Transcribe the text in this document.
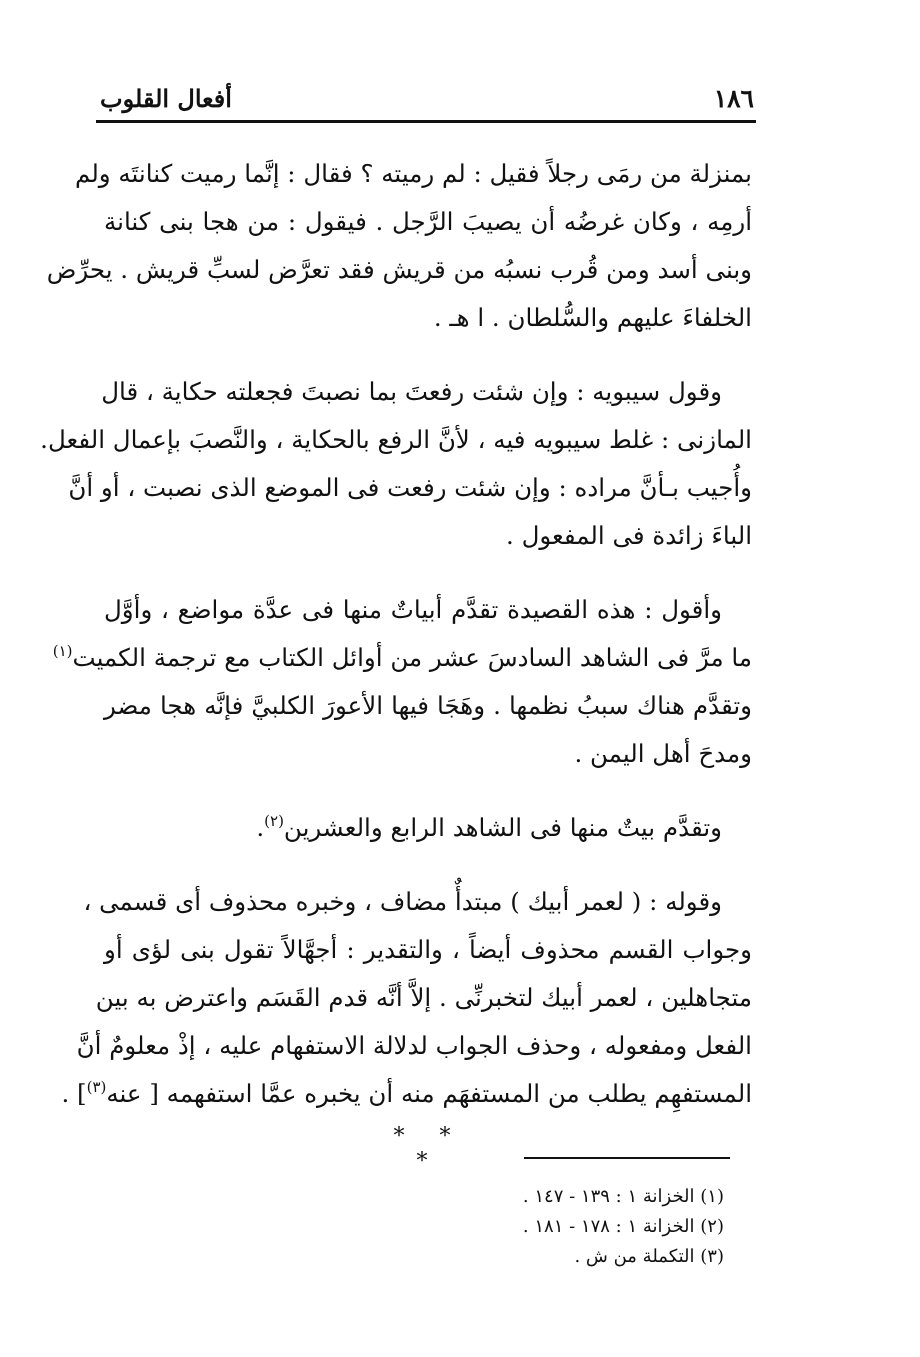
١٨٦
أفعال القلوب
بمنزلة من رمَى رجلاً فقيل : لم رميته ؟ فقال : إنَّما رميت كنانتَه ولم
أرمِه ، وكان غرضُه أن يصيبَ الرَّجل . فيقول : من هجا بنى كنانة
وبنى أسد ومن قُرب نسبُه من قريش فقد تعرَّض لسبِّ قريش . يحرِّض
الخلفاءَ عليهم والسُّلطان . ا هـ .
وقول سيبويه : وإن شئت رفعتَ بما نصبتَ فجعلته حكاية ، قال
المازنى : غلط سيبويه فيه ، لأنَّ الرفع بالحكاية ، والنَّصبَ بإعمال الفعل.
وأُجيب بـأنَّ مراده : وإن شئت رفعت فى الموضع الذى نصبت ، أو أنَّ
الباءَ زائدة فى المفعول .
وأقول : هذه القصيدة تقدَّم أبياتٌ منها فى عدَّة مواضع ، وأوَّل
ما مرَّ فى الشاهد السادسَ عشر من أوائل الكتاب مع ترجمة الكميت$^{(١)}$
وتقدَّم هناك سببُ نظمها . وهَجَا فيها الأعورَ الكلبيَّ فإنَّه هجا مضر
ومدحَ أهل اليمن .
وتقدَّم بيتٌ منها فى الشاهد الرابع والعشرين$^{(٢)}$.
وقوله : ( لعمر أبيك ) مبتدأٌ مضاف ، وخبره محذوف أى قسمى ،
وجواب القسم محذوف أيضاً ، والتقدير : أجهَّالاً تقول بنى لؤى أو
متجاهلين ، لعمر أبيك لتخبرنِّى . إلاَّ أنَّه قدم القَسَم واعترض به بين
الفعل ومفعوله ، وحذف الجواب لدلالة الاستفهام عليه ، إذْ معلومٌ أنَّ
المستفهِم يطلب من المستفهَم منه أن يخبره عمَّا استفهمه [ عنه$^{(٣)}$] .
* * *
(١) الخزانة ١ : ١٣٩ - ١٤٧ .
(٢) الخزانة ١ : ١٧٨ - ١٨١ .
(٣) التكملة من ش .
